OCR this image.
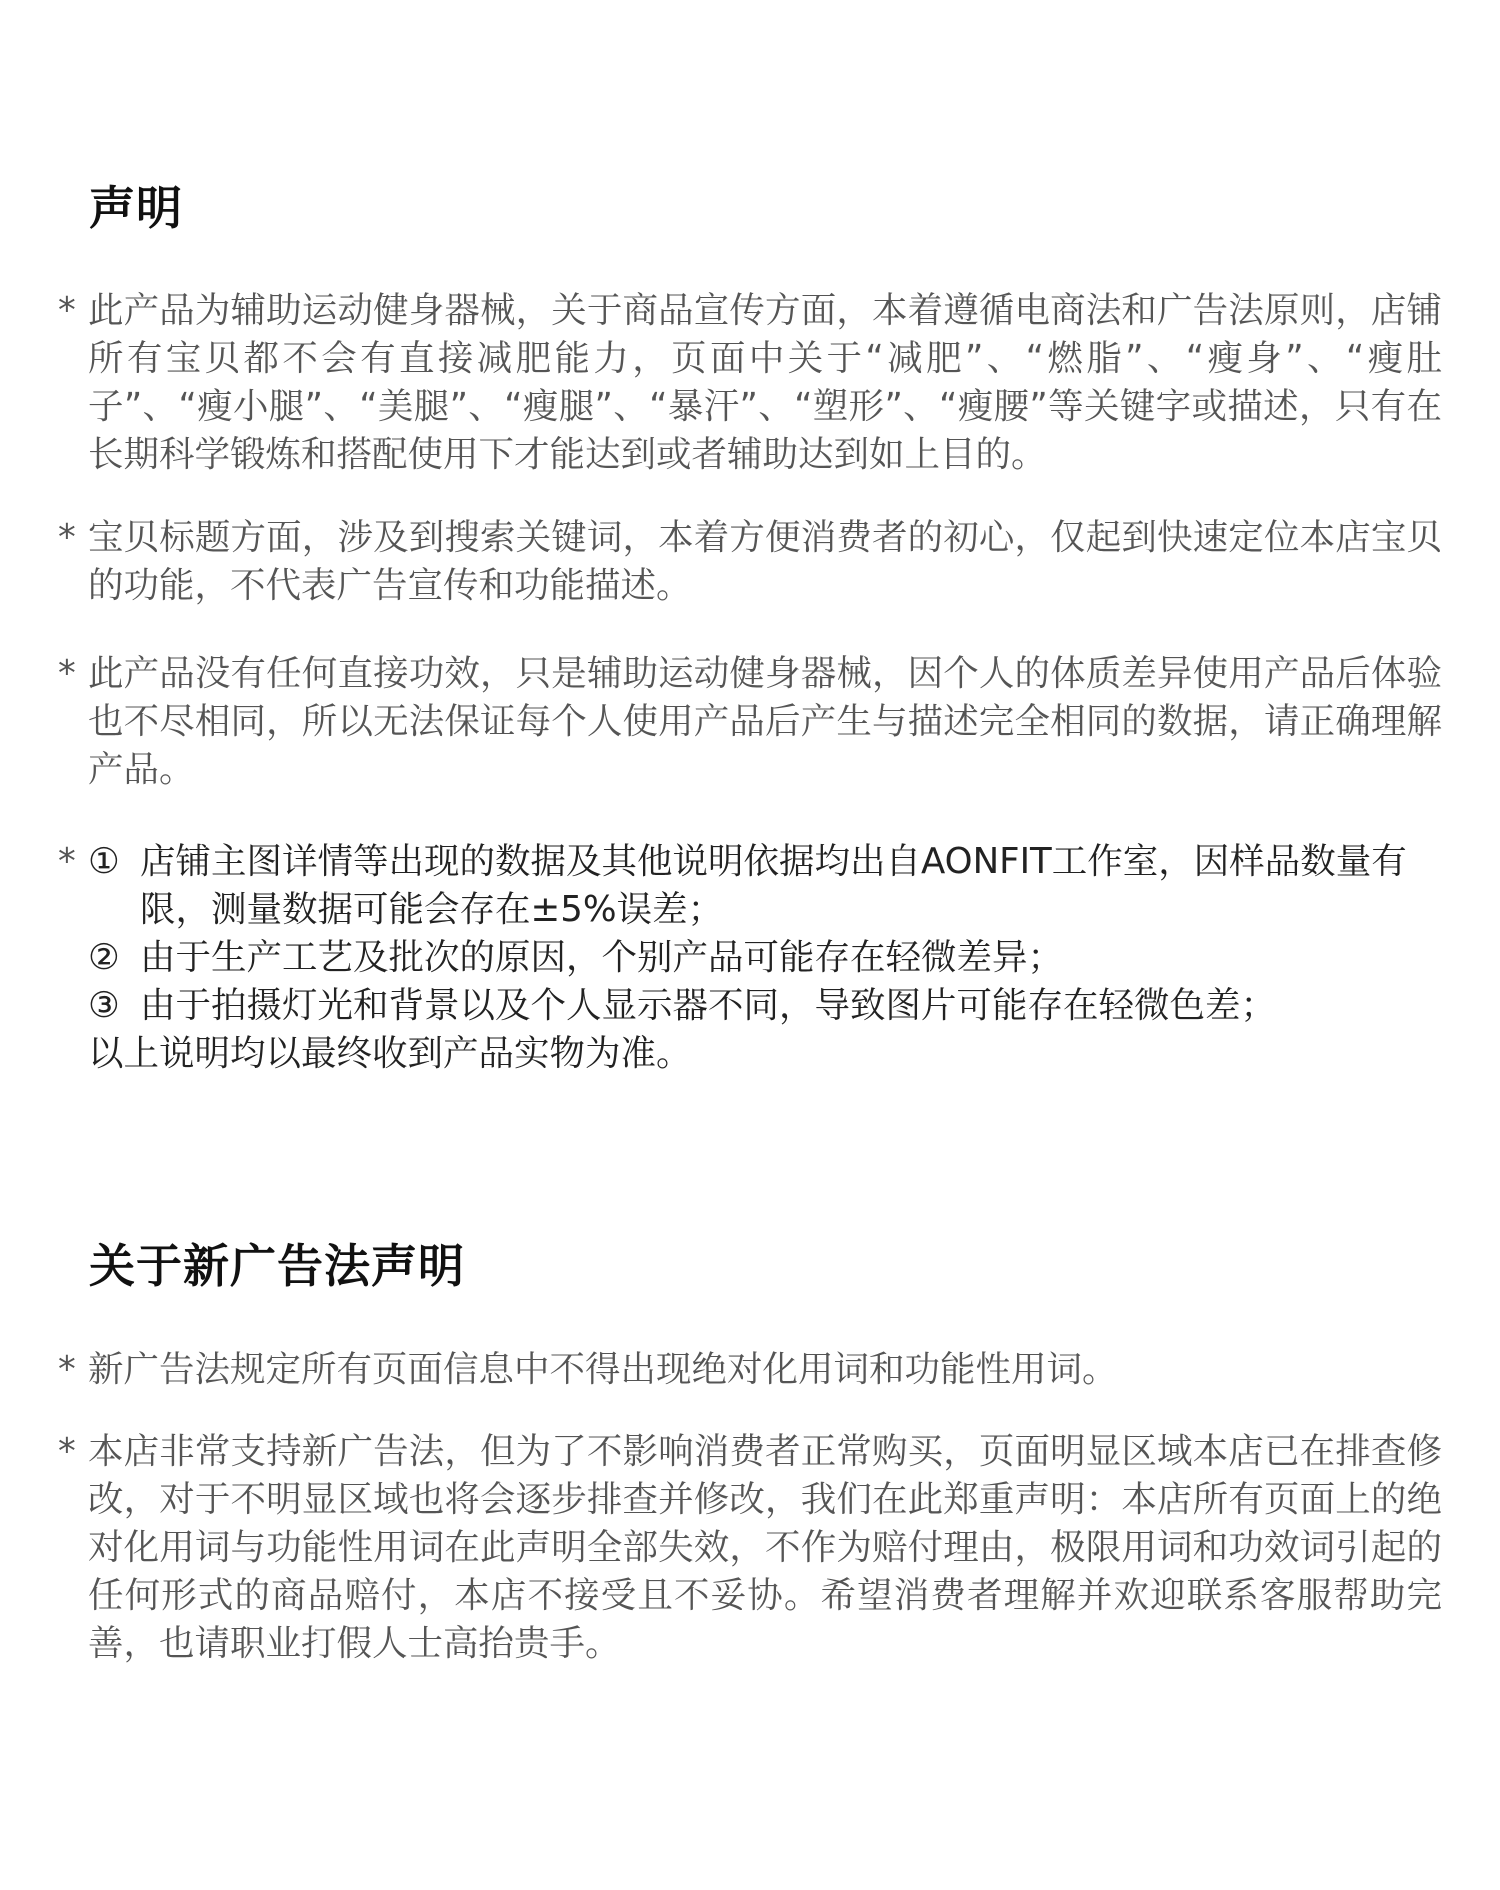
声明
* 此产品为辅助运动健身器械，关于商品宣传方面，本着遵循电商法和广告法原则，店铺所有宝贝都不会有直接减肥能力，页面中关于“减肥”、“燃脂”、“瘦身”、“瘦肚子”、“瘦小腿”、“美腿”、“瘦腿”、“暴汗”、“塑形”、“瘦腰”等关键字或描述，只有在长期科学锻炼和搭配使用下才能达到或者辅助达到如上目的。
* 宝贝标题方面，涉及到搜索关键词，本着方便消费者的初心，仅起到快速定位本店宝贝的功能，不代表广告宣传和功能描述。
* 此产品没有任何直接功效，只是辅助运动健身器械，因个人的体质差异使用产品后体验也不尽相同，所以无法保证每个人使用产品后产生与描述完全相同的数据，请正确理解产品。
* ① 店铺主图详情等出现的数据及其他说明依据均出自AONFIT工作室，因样品数量有限，测量数据可能会存在±5%误差；
② 由于生产工艺及批次的原因，个别产品可能存在轻微差异；
③ 由于拍摄灯光和背景以及个人显示器不同，导致图片可能存在轻微色差；
以上说明均以最终收到产品实物为准。
关于新广告法声明
* 新广告法规定所有页面信息中不得出现绝对化用词和功能性用词。
* 本店非常支持新广告法，但为了不影响消费者正常购买，页面明显区域本店已在排查修改，对于不明显区域也将会逐步排查并修改，我们在此郑重声明：本店所有页面上的绝对化用词与功能性用词在此声明全部失效，不作为赔付理由，极限用词和功效词引起的任何形式的商品赔付，本店不接受且不妥协。希望消费者理解并欢迎联系客服帮助完善，也请职业打假人士高抬贵手。
